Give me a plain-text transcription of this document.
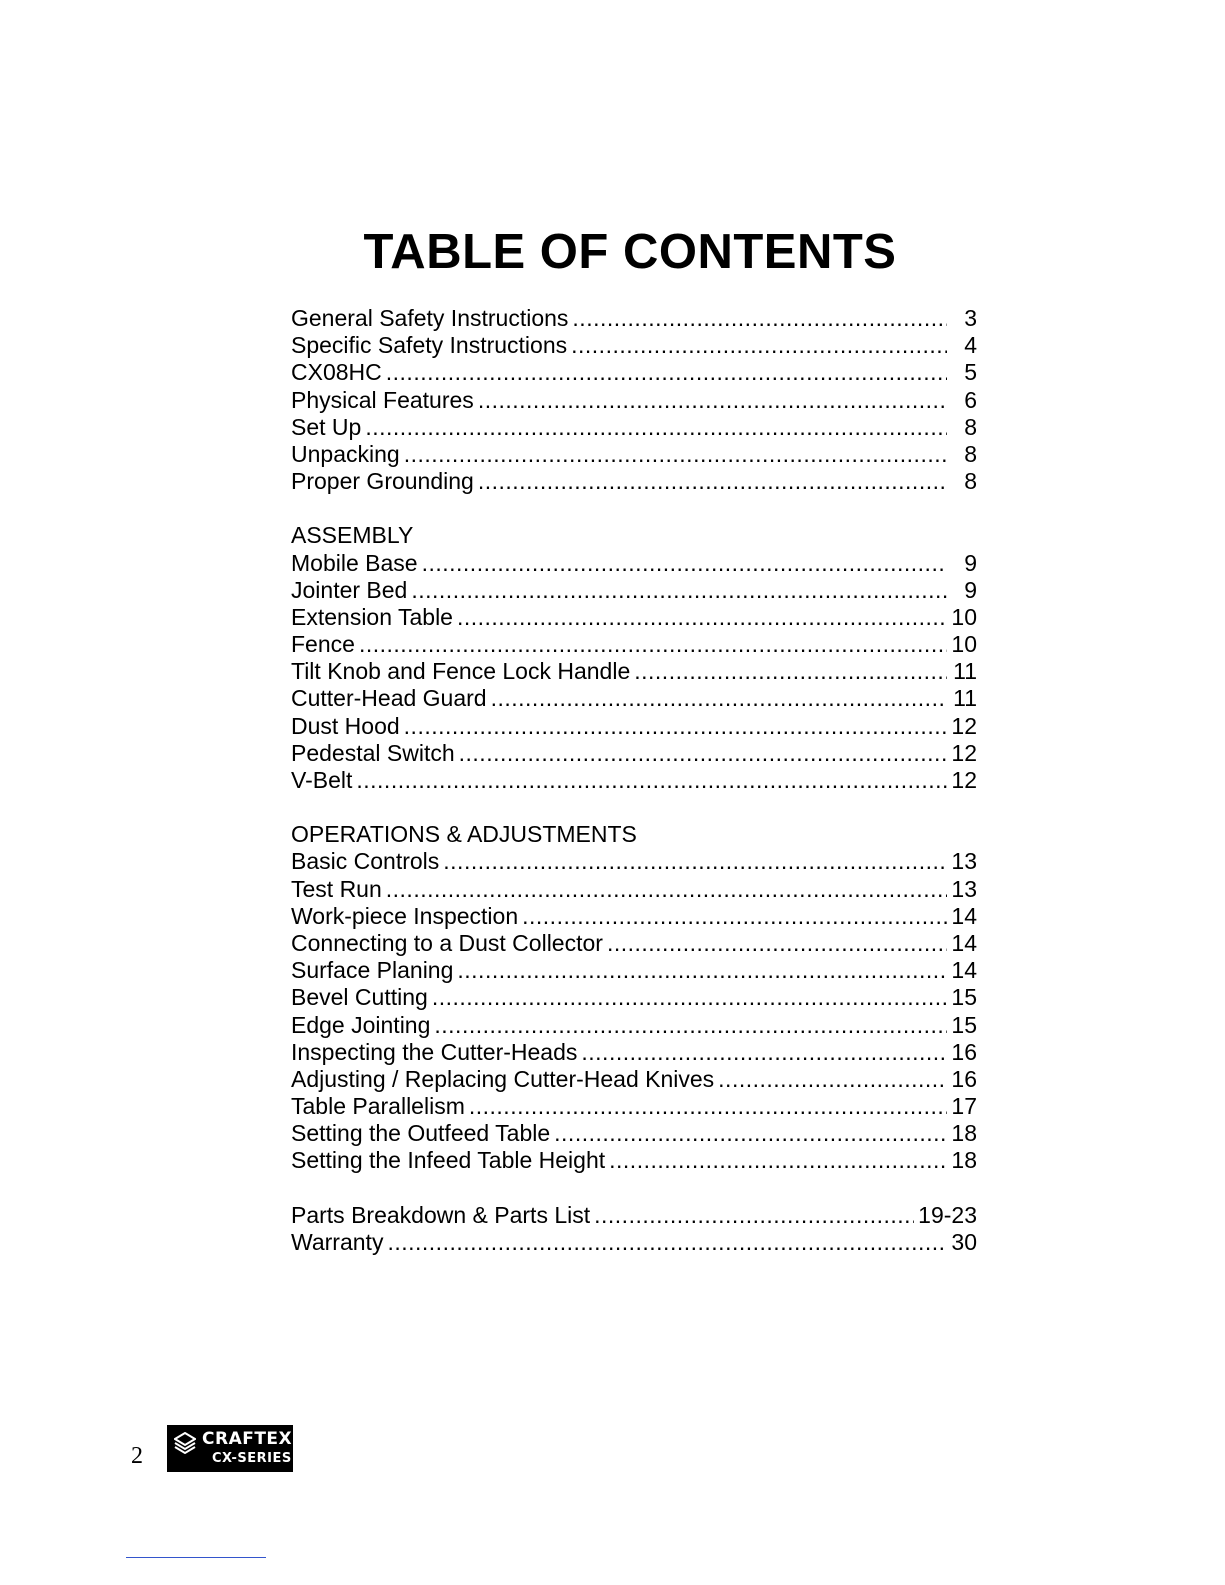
TABLE OF CONTENTS
General Safety Instructions .....	3
Specific Safety Instructions .....	4
CX08HC .....	5
Physical Features .....	6
Set Up .....	8
Unpacking .....	8
Proper Grounding .....	8
ASSEMBLY
Mobile Base .....	9
Jointer Bed .....	9
Extension Table .....	10
Fence .....	10
Tilt Knob and Fence Lock Handle .....	11
Cutter-Head Guard .....	11
Dust Hood .....	12
Pedestal Switch .....	12
V-Belt .....	12
OPERATIONS & ADJUSTMENTS
Basic Controls .....	13
Test Run .....	13
Work-piece Inspection .....	14
Connecting to a Dust Collector .....	14
Surface Planing .....	14
Bevel Cutting .....	15
Edge Jointing .....	15
Inspecting the Cutter-Heads .....	16
Adjusting / Replacing Cutter-Head Knives .....	16
Table Parallelism .....	17
Setting the Outfeed Table .....	18
Setting the Infeed Table Height .....	18
Parts Breakdown & Parts List .....	19-23
Warranty .....	30
2
CRAFTEX
CX-SERIES
